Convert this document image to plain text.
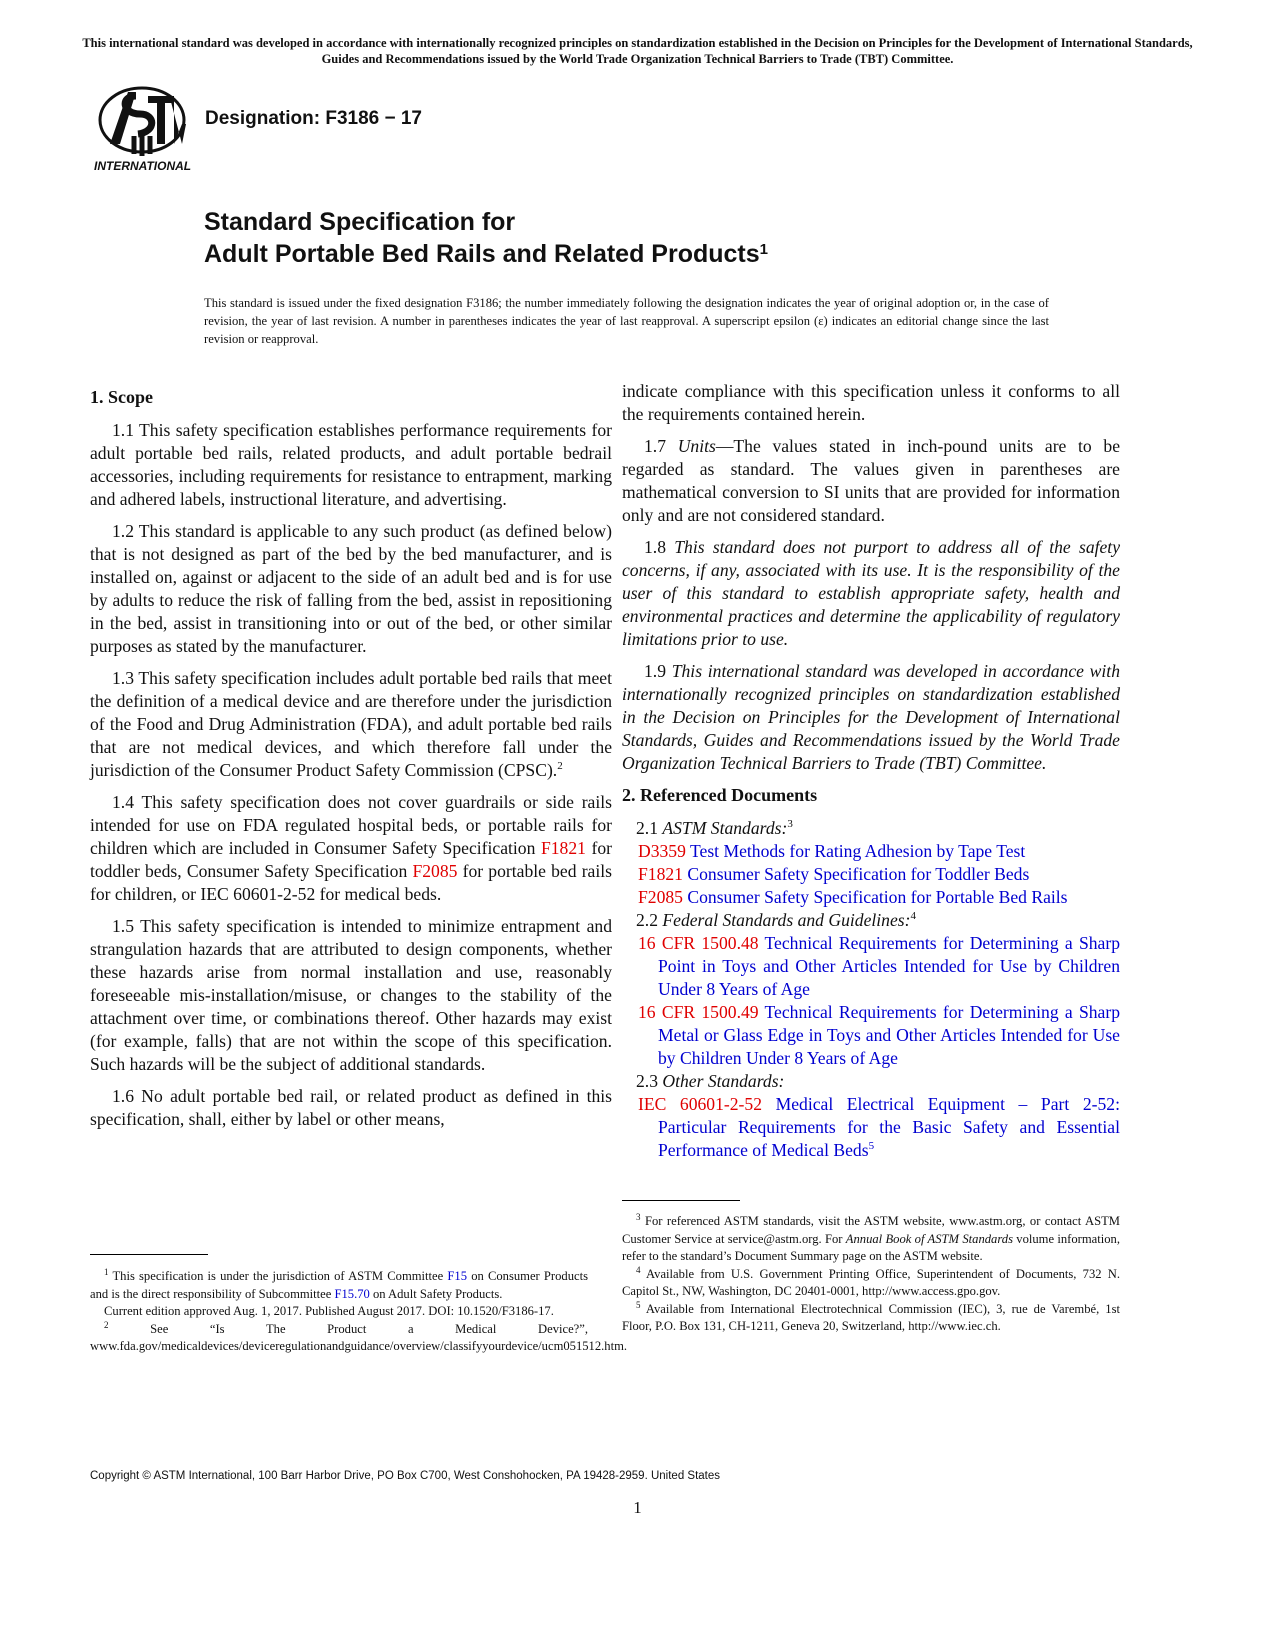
This international standard was developed in accordance with internationally recognized principles on standardization established in the Decision on Principles for the Development of International Standards, Guides and Recommendations issued by the World Trade Organization Technical Barriers to Trade (TBT) Committee.
INTERNATIONAL
Designation: F3186 − 17
Standard Specification for
Adult Portable Bed Rails and Related Products$^1$
This standard is issued under the fixed designation F3186; the number immediately following the designation indicates the year of original adoption or, in the case of revision, the year of last revision. A number in parentheses indicates the year of last reapproval. A superscript epsilon (ε) indicates an editorial change since the last revision or reapproval.
1. Scope

1.1 This safety specification establishes performance requirements for adult portable bed rails, related products, and adult portable bedrail accessories, including requirements for resistance to entrapment, marking and adhered labels, instructional literature, and advertising.

1.2 This standard is applicable to any such product (as defined below) that is not designed as part of the bed by the bed manufacturer, and is installed on, against or adjacent to the side of an adult bed and is for use by adults to reduce the risk of falling from the bed, assist in repositioning in the bed, assist in transitioning into or out of the bed, or other similar purposes as stated by the manufacturer.

1.3 This safety specification includes adult portable bed rails that meet the definition of a medical device and are therefore under the jurisdiction of the Food and Drug Administration (FDA), and adult portable bed rails that are not medical devices, and which therefore fall under the jurisdiction of the Consumer Product Safety Commission (CPSC).$^2$

1.4 This safety specification does not cover guardrails or side rails intended for use on FDA regulated hospital beds, or portable rails for children which are included in Consumer Safety Specification F1821 for toddler beds, Consumer Safety Specification F2085 for portable bed rails for children, or IEC 60601-2-52 for medical beds.

1.5 This safety specification is intended to minimize entrapment and strangulation hazards that are attributed to design components, whether these hazards arise from normal installation and use, reasonably foreseeable mis-installation/misuse, or changes to the stability of the attachment over time, or combinations thereof. Other hazards may exist (for example, falls) that are not within the scope of this specification. Such hazards will be the subject of additional standards.

1.6 No adult portable bed rail, or related product as defined in this specification, shall, either by label or other means,

$^1$ This specification is under the jurisdiction of ASTM Committee F15 on Consumer Products and is the direct responsibility of Subcommittee F15.70 on Adult Safety Products.

Current edition approved Aug. 1, 2017. Published August 2017. DOI: 10.1520/F3186-17.

$^2$ See “Is The Product a Medical Device?”, www.fda.gov/medicaldevices/deviceregulationandguidance/overview/classifyyourdevice/ucm051512.htm.

indicate compliance with this specification unless it conforms to all the requirements contained herein.

1.7 Units—The values stated in inch-pound units are to be regarded as standard. The values given in parentheses are mathematical conversion to SI units that are provided for information only and are not considered standard.

1.8 This standard does not purport to address all of the safety concerns, if any, associated with its use. It is the responsibility of the user of this standard to establish appropriate safety, health and environmental practices and determine the applicability of regulatory limitations prior to use.

1.9 This international standard was developed in accordance with internationally recognized principles on standardization established in the Decision on Principles for the Development of International Standards, Guides and Recommendations issued by the World Trade Organization Technical Barriers to Trade (TBT) Committee.

2. Referenced Documents

2.1 ASTM Standards:$^3$

D3359 Test Methods for Rating Adhesion by Tape Test

F1821 Consumer Safety Specification for Toddler Beds

F2085 Consumer Safety Specification for Portable Bed Rails

2.2 Federal Standards and Guidelines:$^4$

16 CFR 1500.48 Technical Requirements for Determining a Sharp Point in Toys and Other Articles Intended for Use by Children Under 8 Years of Age

16 CFR 1500.49 Technical Requirements for Determining a Sharp Metal or Glass Edge in Toys and Other Articles Intended for Use by Children Under 8 Years of Age

2.3 Other Standards:

IEC 60601-2-52 Medical Electrical Equipment – Part 2-52: Particular Requirements for the Basic Safety and Essential Performance of Medical Beds$^5$

$^3$ For referenced ASTM standards, visit the ASTM website, www.astm.org, or contact ASTM Customer Service at service@astm.org. For Annual Book of ASTM Standards volume information, refer to the standard’s Document Summary page on the ASTM website.

$^4$ Available from U.S. Government Printing Office, Superintendent of Documents, 732 N. Capitol St., NW, Washington, DC 20401-0001, http://www.access.gpo.gov.

$^5$ Available from International Electrotechnical Commission (IEC), 3, rue de Varembé, 1st Floor, P.O. Box 131, CH-1211, Geneva 20, Switzerland, http://www.iec.ch.

Copyright © ASTM International, 100 Barr Harbor Drive, PO Box C700, West Conshohocken, PA 19428-2959. United States
1
